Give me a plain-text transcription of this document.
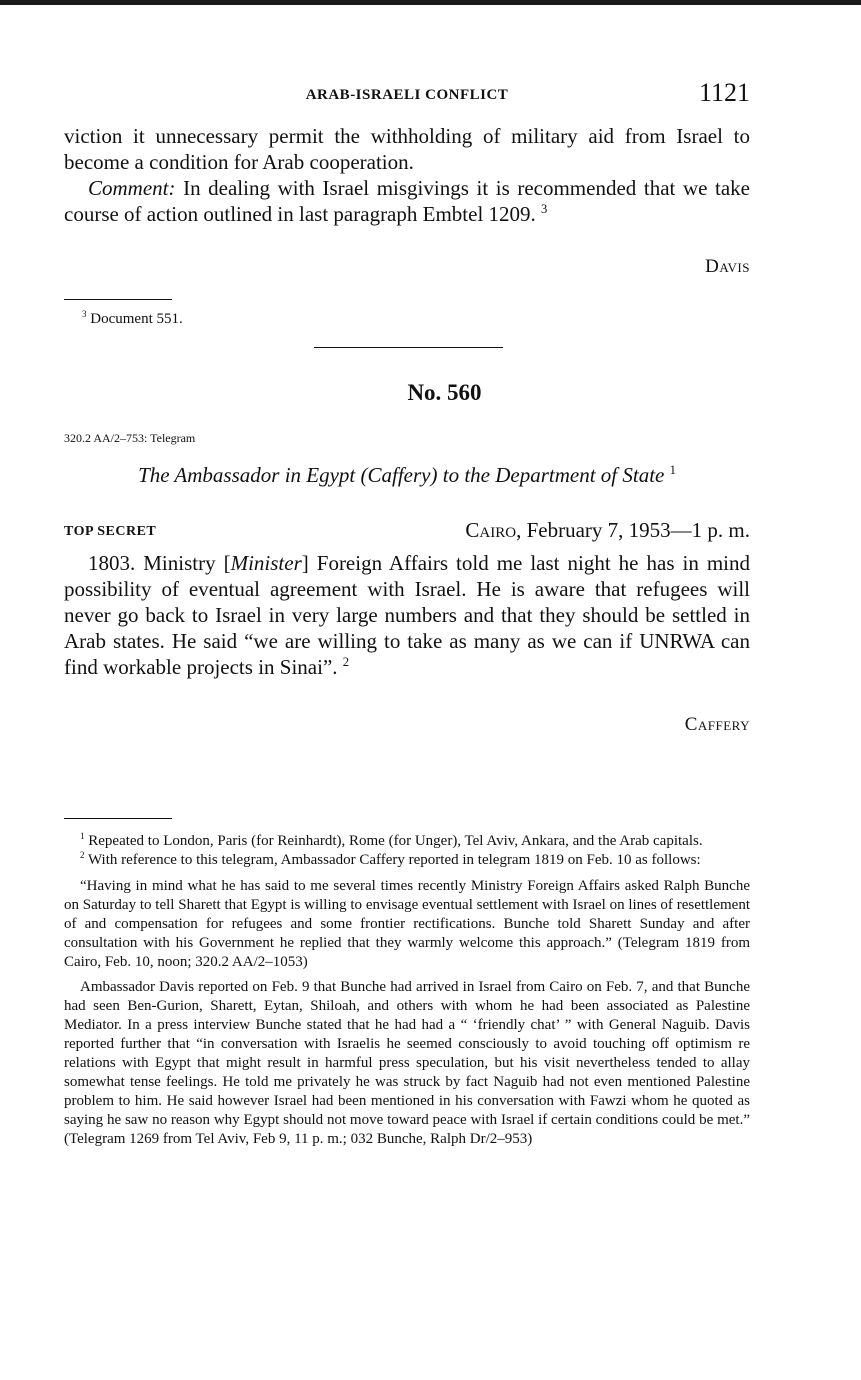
ARAB-ISRAELI CONFLICT	1121

viction it unnecessary permit the withholding of military aid from Israel to become a condition for Arab cooperation.

Comment: In dealing with Israel misgivings it is recommended that we take course of action outlined in last paragraph Embtel 1209. $^3$

Davis

$^3$ Document 551.

No. 560
320.2 AA/2–753: Telegram
The Ambassador in Egypt (Caffery) to the Department of State $^1$
TOP SECRET	Cairo, February 7, 1953—1 p. m.

1803. Ministry [Minister] Foreign Affairs told me last night he has in mind possibility of eventual agreement with Israel. He is aware that refugees will never go back to Israel in very large numbers and that they should be settled in Arab states. He said “we are willing to take as many as we can if UNRWA can find workable projects in Sinai”. $^2$

Caffery

$^1$ Repeated to London, Paris (for Reinhardt), Rome (for Unger), Tel Aviv, Ankara, and the Arab capitals.

$^2$ With reference to this telegram, Ambassador Caffery reported in telegram 1819 on Feb. 10 as follows:

“Having in mind what he has said to me several times recently Ministry Foreign Affairs asked Ralph Bunche on Saturday to tell Sharett that Egypt is willing to envisage eventual settlement with Israel on lines of resettlement of and compensation for refugees and some frontier rectifications. Bunche told Sharett Sunday and after consultation with his Government he replied that they warmly welcome this approach.” (Telegram 1819 from Cairo, Feb. 10, noon; 320.2 AA/2–1053)

Ambassador Davis reported on Feb. 9 that Bunche had arrived in Israel from Cairo on Feb. 7, and that Bunche had seen Ben-Gurion, Sharett, Eytan, Shiloah, and others with whom he had been associated as Palestine Mediator. In a press interview Bunche stated that he had had a “ ‘friendly chat’ ” with General Naguib. Davis reported further that “in conversation with Israelis he seemed consciously to avoid touching off optimism re relations with Egypt that might result in harmful press speculation, but his visit nevertheless tended to allay somewhat tense feelings. He told me privately he was struck by fact Naguib had not even mentioned Palestine problem to him. He said however Israel had been mentioned in his conversation with Fawzi whom he quoted as saying he saw no reason why Egypt should not move toward peace with Israel if certain conditions could be met.” (Telegram 1269 from Tel Aviv, Feb 9, 11 p. m.; 032 Bunche, Ralph Dr/2–953)
